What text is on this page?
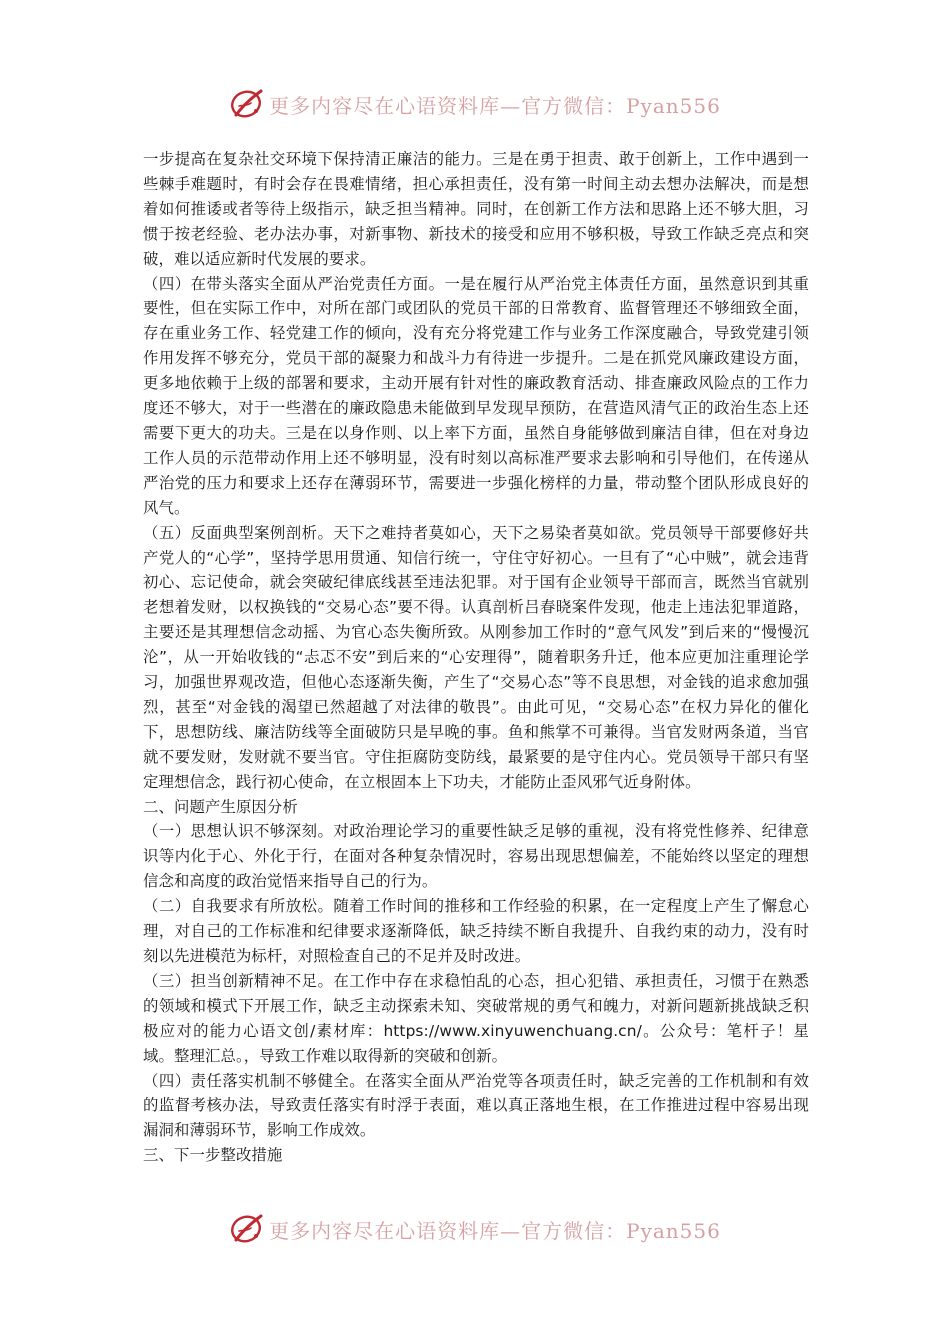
更多内容尽在心语资料库—官方微信：Pyan556

一步提高在复杂社交环境下保持清正廉洁的能力。三是在勇于担责、敢于创新上，工作中遇到一些棘手难题时，有时会存在畏难情绪，担心承担责任，没有第一时间主动去想办法解决，而是想着如何推诿或者等待上级指示，缺乏担当精神。同时，在创新工作方法和思路上还不够大胆，习惯于按老经验、老办法办事，对新事物、新技术的接受和应用不够积极，导致工作缺乏亮点和突破，难以适应新时代发展的要求。

（四）在带头落实全面从严治党责任方面。一是在履行从严治党主体责任方面，虽然意识到其重要性，但在实际工作中，对所在部门或团队的党员干部的日常教育、监督管理还不够细致全面，存在重业务工作、轻党建工作的倾向，没有充分将党建工作与业务工作深度融合，导致党建引领作用发挥不够充分，党员干部的凝聚力和战斗力有待进一步提升。二是在抓党风廉政建设方面，更多地依赖于上级的部署和要求，主动开展有针对性的廉政教育活动、排查廉政风险点的工作力度还不够大，对于一些潜在的廉政隐患未能做到早发现早预防，在营造风清气正的政治生态上还需要下更大的功夫。三是在以身作则、以上率下方面，虽然自身能够做到廉洁自律，但在对身边工作人员的示范带动作用上还不够明显，没有时刻以高标准严要求去影响和引导他们，在传递从严治党的压力和要求上还存在薄弱环节，需要进一步强化榜样的力量，带动整个团队形成良好的风气。

（五）反面典型案例剖析。天下之难持者莫如心，天下之易染者莫如欲。党员领导干部要修好共产党人的“心学”，坚持学思用贯通、知信行统一，守住守好初心。一旦有了“心中贼”，就会违背初心、忘记使命，就会突破纪律底线甚至违法犯罪。对于国有企业领导干部而言，既然当官就别老想着发财，以权换钱的“交易心态”要不得。认真剖析吕春晓案件发现，他走上违法犯罪道路，主要还是其理想信念动摇、为官心态失衡所致。从刚参加工作时的“意气风发”到后来的“慢慢沉沦”，从一开始收钱的“忐忑不安”到后来的“心安理得”，随着职务升迁，他本应更加注重理论学习，加强世界观改造，但他心态逐渐失衡，产生了“交易心态”等不良思想，对金钱的追求愈加强烈，甚至“对金钱的渴望已然超越了对法律的敬畏”。由此可见，“交易心态”在权力异化的催化下，思想防线、廉洁防线等全面破防只是早晚的事。鱼和熊掌不可兼得。当官发财两条道，当官就不要发财，发财就不要当官。守住拒腐防变防线，最紧要的是守住内心。党员领导干部只有坚定理想信念，践行初心使命，在立根固本上下功夫，才能防止歪风邪气近身附体。

二、问题产生原因分析

（一）思想认识不够深刻。对政治理论学习的重要性缺乏足够的重视，没有将党性修养、纪律意识等内化于心、外化于行，在面对各种复杂情况时，容易出现思想偏差，不能始终以坚定的理想信念和高度的政治觉悟来指导自己的行为。

（二）自我要求有所放松。随着工作时间的推移和工作经验的积累，在一定程度上产生了懈怠心理，对自己的工作标准和纪律要求逐渐降低，缺乏持续不断自我提升、自我约束的动力，没有时刻以先进模范为标杆，对照检查自己的不足并及时改进。

（三）担当创新精神不足。在工作中存在求稳怕乱的心态，担心犯错、承担责任，习惯于在熟悉的领域和模式下开展工作，缺乏主动探索未知、突破常规的勇气和魄力，对新问题新挑战缺乏积极应对的能力心语文创/素材库：https://www.xinyuwenchuang.cn/。公众号：笔杆子！星域。整理汇总。，导致工作难以取得新的突破和创新。

（四）责任落实机制不够健全。在落实全面从严治党等各项责任时，缺乏完善的工作机制和有效的监督考核办法，导致责任落实有时浮于表面，难以真正落地生根，在工作推进过程中容易出现漏洞和薄弱环节，影响工作成效。

三、下一步整改措施

更多内容尽在心语资料库—官方微信：Pyan556
